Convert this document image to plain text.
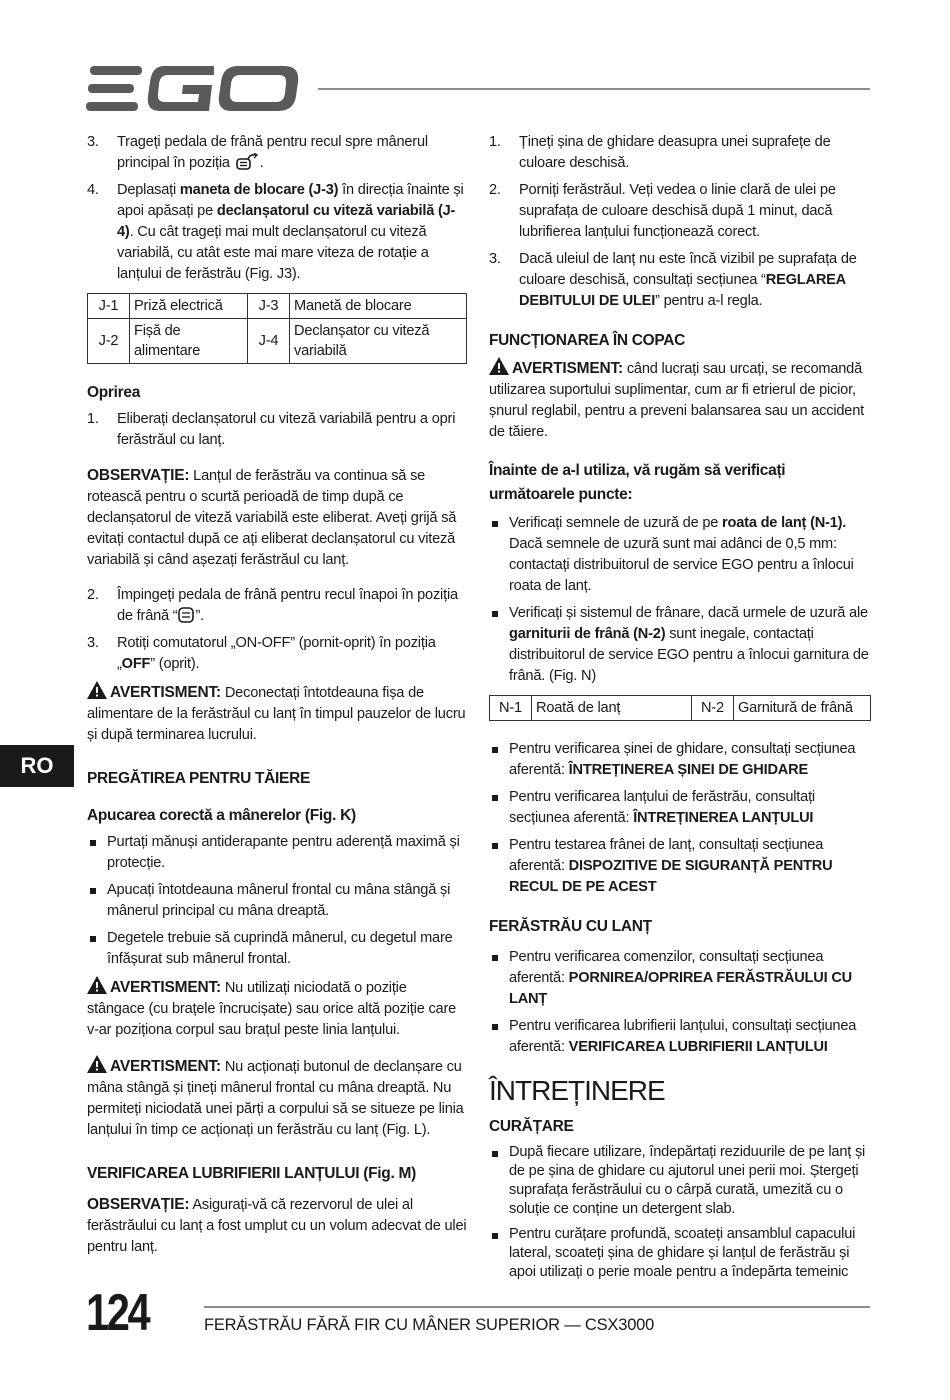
RO
3. Trageți pedala de frână pentru recul spre mânerul principal în poziția .
4. Deplasați maneta de blocare (J-3) în direcția înainte și apoi apăsați pe declanșatorul cu viteză variabilă (J-4). Cu cât trageți mai mult declanșatorul cu viteză variabilă, cu atât este mai mare viteza de rotație a lanțului de ferăstrău (Fig. J3).
J-1	Priză electrică	J-3	Manetă de blocare
J-2	Fișă de alimentare	J-4	Declanșator cu viteză variabilă
Oprirea
1. Eliberați declanșatorul cu viteză variabilă pentru a opri ferăstrăul cu lanț.
OBSERVAȚIE: Lanțul de ferăstrău va continua să se rotească pentru o scurtă perioadă de timp după ce declanșatorul de viteză variabilă este eliberat. Aveți grijă să evitați contactul după ce ați eliberat declanșatorul cu viteză variabilă și când așezați ferăstrăul cu lanț.
2. Împingeți pedala de frână pentru recul înapoi în poziția de frână “ ”.
3. Rotiți comutatorul „ON-OFF” (pornit-oprit) în poziția „OFF” (oprit).
AVERTISMENT: Deconectați întotdeauna fișa de alimentare de la ferăstrăul cu lanț în timpul pauzelor de lucru și după terminarea lucrului.
PREGĂTIREA PENTRU TĂIERE
Apucarea corectă a mânerelor (Fig. K)
Purtați mănuși antiderapante pentru aderență maximă și protecție.
Apucați întotdeauna mânerul frontal cu mâna stângă și mânerul principal cu mâna dreaptă.
Degetele trebuie să cuprindă mânerul, cu degetul mare înfășurat sub mânerul frontal.
AVERTISMENT: Nu utilizați niciodată o poziție stângace (cu brațele încrucișate) sau orice altă poziție care v-ar poziționa corpul sau brațul peste linia lanțului.
AVERTISMENT: Nu acționați butonul de declanșare cu mâna stângă și țineți mânerul frontal cu mâna dreaptă. Nu permiteți niciodată unei părți a corpului să se situeze pe linia lanțului în timp ce acționați un ferăstrău cu lanț (Fig. L).
VERIFICAREA LUBRIFIERII LANȚULUI (Fig. M)
OBSERVAȚIE: Asigurați-vă că rezervorul de ulei al ferăstrăului cu lanț a fost umplut cu un volum adecvat de ulei pentru lanț.
1. Țineți șina de ghidare deasupra unei suprafețe de culoare deschisă.
2. Porniți ferăstrăul. Veți vedea o linie clară de ulei pe suprafața de culoare deschisă după 1 minut, dacă lubrifierea lanțului funcționează corect.
3. Dacă uleiul de lanț nu este încă vizibil pe suprafața de culoare deschisă, consultați secțiunea “REGLAREA DEBITULUI DE ULEI” pentru a-l regla.
FUNCȚIONAREA ÎN COPAC
AVERTISMENT: când lucrați sau urcați, se recomandă utilizarea suportului suplimentar, cum ar fi etrierul de picior, șnurul reglabil, pentru a preveni balansarea sau un accident de tăiere.
Înainte de a-l utiliza, vă rugăm să verificați următoarele puncte:
Verificați semnele de uzură de pe roata de lanț (N-1). Dacă semnele de uzură sunt mai adânci de 0,5 mm: contactați distribuitorul de service EGO pentru a înlocui roata de lanț.
Verificați și sistemul de frânare, dacă urmele de uzură ale garniturii de frână (N-2) sunt inegale, contactați distribuitorul de service EGO pentru a înlocui garnitura de frână. (Fig. N)
N-1	Roată de lanț	N-2	Garnitură de frână
Pentru verificarea șinei de ghidare, consultați secțiunea aferentă: ÎNTREȚINEREA ȘINEI DE GHIDARE
Pentru verificarea lanțului de ferăstrău, consultați secțiunea aferentă: ÎNTREȚINEREA LANȚULUI
Pentru testarea frânei de lanț, consultați secțiunea aferentă: DISPOZITIVE DE SIGURANȚĂ PENTRU RECUL DE PE ACEST
FERĂSTRĂU CU LANȚ
Pentru verificarea comenzilor, consultați secțiunea aferentă: PORNIREA/OPRIREA FERĂSTRĂULUI CU LANȚ
Pentru verificarea lubrifierii lanțului, consultați secțiunea aferentă: VERIFICAREA LUBRIFIERII LANȚULUI
ÎNTREȚINERE
CURĂȚARE
După fiecare utilizare, îndepărtați reziduurile de pe lanț și de pe șina de ghidare cu ajutorul unei perii moi. Ștergeți suprafața ferăstrăului cu o cârpă curată, umezită cu o soluție ce conține un detergent slab.
Pentru curățare profundă, scoateți ansamblul capacului lateral, scoateți șina de ghidare și lanțul de ferăstrău și apoi utilizați o perie moale pentru a îndepărta temeinic
124	FERĂSTRĂU FĂRĂ FIR CU MÂNER SUPERIOR — CSX3000
